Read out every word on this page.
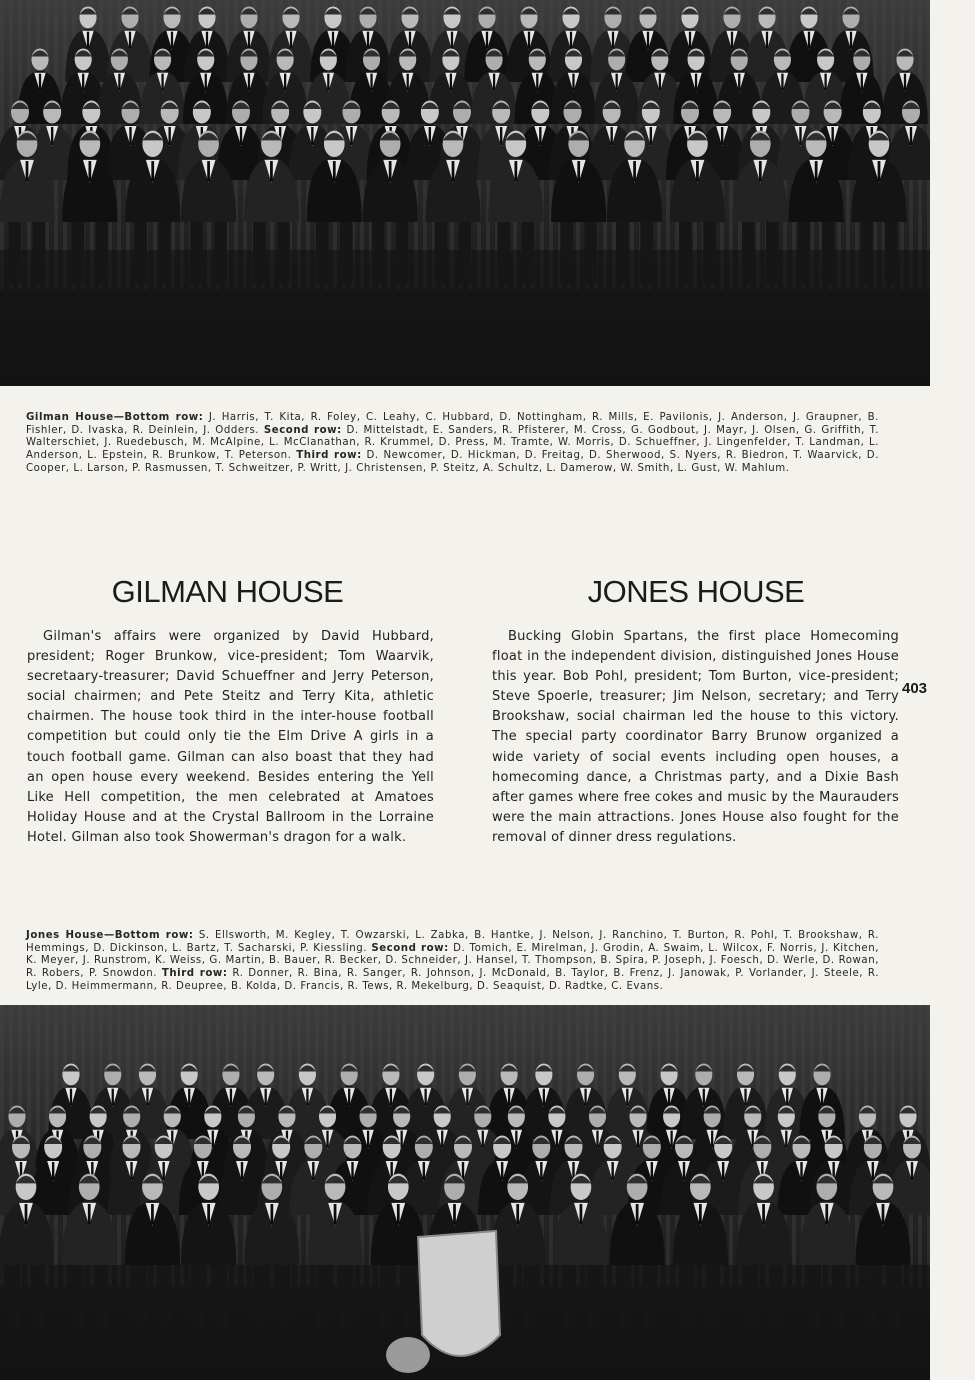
Gilman House—Bottom row: J. Harris, T. Kita, R. Foley, C. Leahy, C. Hubbard, D. Nottingham, R. Mills, E. Pavilonis, J. Anderson, J. Graupner, B. Fishler, D. Ivaska, R. Deinlein, J. Odders. Second row: D. Mittelstadt, E. Sanders, R. Pfisterer, M. Cross, G. Godbout, J. Mayr, J. Olsen, G. Griffith, T. Walterschiet, J. Ruedebusch, M. McAlpine, L. McClanathan, R. Krummel, D. Press, M. Tramte, W. Morris, D. Schueffner, J. Lingenfelder, T. Landman, L. Anderson, L. Epstein, R. Brunkow, T. Peterson. Third row: D. Newcomer, D. Hickman, D. Freitag, D. Sherwood, S. Nyers, R. Biedron, T. Waarvick, D. Cooper, L. Larson, P. Rasmussen, T. Schweitzer, P. Writt, J. Christensen, P. Steitz, A. Schultz, L. Damerow, W. Smith, L. Gust, W. Mahlum.

GILMAN HOUSE	JONES HOUSE

Gilman's affairs were organized by David Hubbard, president; Roger Brunkow, vice-president; Tom Waarvik, secretaary-treasurer; David Schueffner and Jerry Peterson, social chairmen; and Pete Steitz and Terry Kita, athletic chairmen. The house took third in the inter-house football competition but could only tie the Elm Drive A girls in a touch football game. Gilman can also boast that they had an open house every weekend. Besides entering the Yell Like Hell competition, the men celebrated at Amatoes Holiday House and at the Crystal Ballroom in the Lorraine Hotel. Gilman also took Showerman's dragon for a walk.

Bucking Globin Spartans, the first place Homecoming float in the independent division, distinguished Jones House this year. Bob Pohl, president; Tom Burton, vice-president; Steve Spoerle, treasurer; Jim Nelson, secretary; and Terry Brookshaw, social chairman led the house to this victory. The special party coordinator Barry Brunow organized a wide variety of social events including open houses, a homecoming dance, a Christmas party, and a Dixie Bash after games where free cokes and music by the Maurauders were the main attractions. Jones House also fought for the removal of dinner dress regulations.

403

Jones House—Bottom row: S. Ellsworth, M. Kegley, T. Owzarski, L. Zabka, B. Hantke, J. Nelson, J. Ranchino, T. Burton, R. Pohl, T. Brookshaw, R. Hemmings, D. Dickinson, L. Bartz, T. Sacharski, P. Kiessling. Second row: D. Tomich, E. Mirelman, J. Grodin, A. Swaim, L. Wilcox, F. Norris, J. Kitchen, K. Meyer, J. Runstrom, K. Weiss, G. Martin, B. Bauer, R. Becker, D. Schneider, J. Hansel, T. Thompson, B. Spira, P. Joseph, J. Foesch, D. Werle, D. Rowan, R. Robers, P. Snowdon. Third row: R. Donner, R. Bina, R. Sanger, R. Johnson, J. McDonald, B. Taylor, B. Frenz, J. Janowak, P. Vorlander, J. Steele, R. Lyle, D. Heimmermann, R. Deupree, B. Kolda, D. Francis, R. Tews, R. Mekelburg, D. Seaquist, D. Radtke, C. Evans.
